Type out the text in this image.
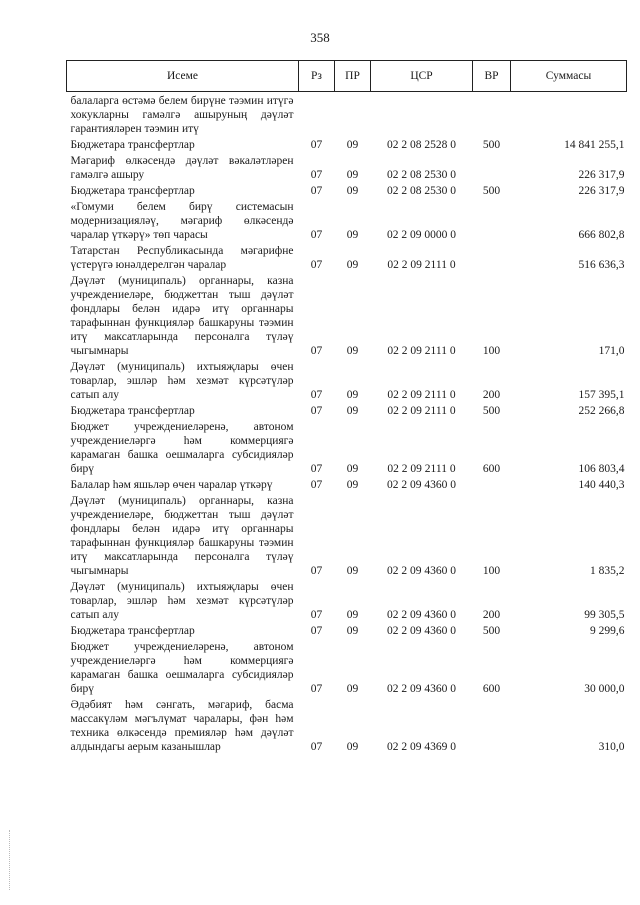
358
Исеме	Рз	ПР	ЦСР	ВР	Суммасы
балаларга өстәмә белем бирүне тәэмин итүгә хокукларны гамәлгә ашыруның дәүләт гарантияләрен тәэмин итү					
Бюджетара трансфертлар	07	09	02 2 08 2528 0	500	14 841 255,1
Мәгариф өлкәсендә дәүләт вәкаләтләрен гамәлгә ашыру	07	09	02 2 08 2530 0		226 317,9
Бюджетара трансфертлар	07	09	02 2 08 2530 0	500	226 317,9
«Гомуми белем бирү системасын модернизацияләү, мәгариф өлкәсендә чаралар үткәрү» төп чарасы	07	09	02 2 09 0000 0		666 802,8
Татарстан Республикасында мәгарифне үстерүгә юнәлдерелгән чаралар	07	09	02 2 09 2111 0		516 636,3
Дәүләт (муниципаль) органнары, казна учреждениеләре, бюджеттан тыш дәүләт фондлары белән идарә итү органнары тарафыннан функцияләр башкаруны тәэмин итү максатларында персоналга түләү чыгымнары	07	09	02 2 09 2111 0	100	171,0
Дәүләт (муниципаль) ихтыяҗлары өчен товарлар, эшләр һәм хезмәт күрсәтүләр сатып алу	07	09	02 2 09 2111 0	200	157 395,1
Бюджетара трансфертлар	07	09	02 2 09 2111 0	500	252 266,8
Бюджет учреждениеләренә, автоном учреждениеләргә һәм коммерциягә карамаган башка оешмаларга субсидияләр бирү	07	09	02 2 09 2111 0	600	106 803,4
Балалар һәм яшьләр өчен чаралар үткәрү	07	09	02 2 09 4360 0		140 440,3
Дәүләт (муниципаль) органнары, казна учреждениеләре, бюджеттан тыш дәүләт фондлары белән идарә итү органнары тарафыннан функцияләр башкаруны тәэмин итү максатларында персоналга түләү чыгымнары	07	09	02 2 09 4360 0	100	1 835,2
Дәүләт (муниципаль) ихтыяҗлары өчен товарлар, эшләр һәм хезмәт күрсәтүләр сатып алу	07	09	02 2 09 4360 0	200	99 305,5
Бюджетара трансфертлар	07	09	02 2 09 4360 0	500	9 299,6
Бюджет учреждениеләренә, автоном учреждениеләргә һәм коммерциягә карамаган башка оешмаларга субсидияләр бирү	07	09	02 2 09 4360 0	600	30 000,0
Әдәбият һәм сәнгать, мәгариф, басма массакүләм мәгълүмат чаралары, фән һәм техника өлкәсендә премияләр һәм дәүләт алдындагы аерым казанышлар	07	09	02 2 09 4369 0		310,0
